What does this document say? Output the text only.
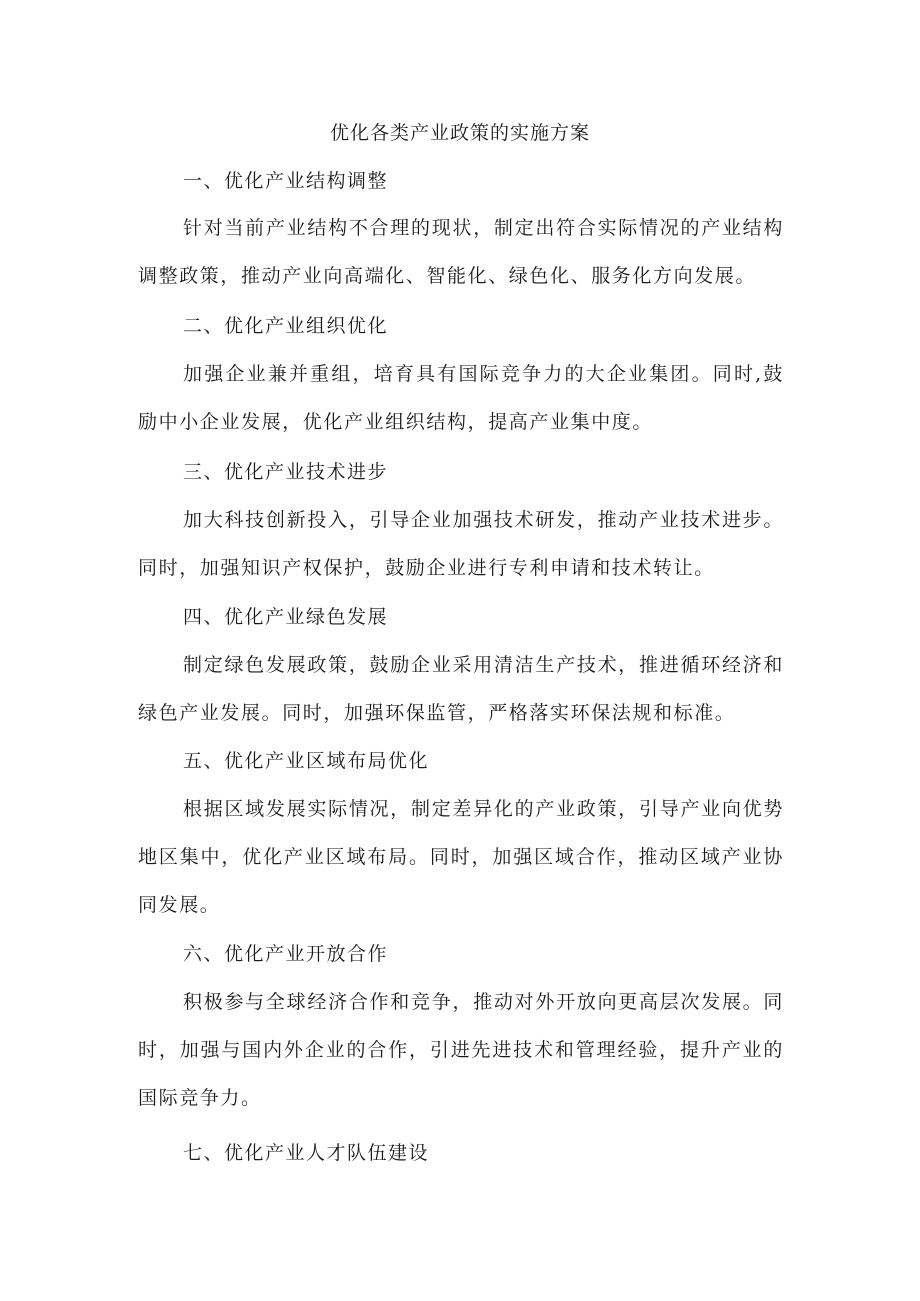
优化各类产业政策的实施方案
一、优化产业结构调整

针对当前产业结构不合理的现状，制定出符合实际情况的产业结构调整政策，推动产业向高端化、智能化、绿色化、服务化方向发展。

二、优化产业组织优化

加强企业兼并重组，培育具有国际竞争力的大企业集团。同时,鼓励中小企业发展，优化产业组织结构，提高产业集中度。

三、优化产业技术进步

加大科技创新投入，引导企业加强技术研发，推动产业技术进步。同时，加强知识产权保护，鼓励企业进行专利申请和技术转让。

四、优化产业绿色发展

制定绿色发展政策，鼓励企业采用清洁生产技术，推进循环经济和绿色产业发展。同时，加强环保监管，严格落实环保法规和标准。

五、优化产业区域布局优化

根据区域发展实际情况，制定差异化的产业政策，引导产业向优势地区集中，优化产业区域布局。同时，加强区域合作，推动区域产业协同发展。

六、优化产业开放合作

积极参与全球经济合作和竞争，推动对外开放向更高层次发展。同时，加强与国内外企业的合作，引进先进技术和管理经验，提升产业的国际竞争力。

七、优化产业人才队伍建设
